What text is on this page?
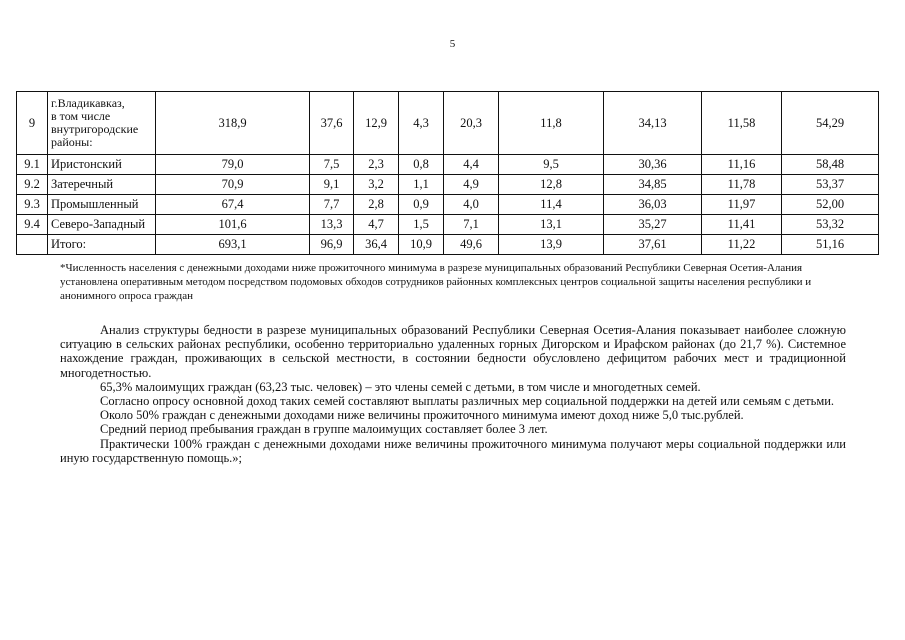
5
9	г.Владикавказ,
в том числе
внутригородские
районы:	318,9	37,6	12,9	4,3	20,3	11,8	34,13	11,58	54,29
9.1	Иристонский	79,0	7,5	2,3	0,8	4,4	9,5	30,36	11,16	58,48
9.2	Затеречный	70,9	9,1	3,2	1,1	4,9	12,8	34,85	11,78	53,37
9.3	Промышленный	67,4	7,7	2,8	0,9	4,0	11,4	36,03	11,97	52,00
9.4	Северо-Западный	101,6	13,3	4,7	1,5	7,1	13,1	35,27	11,41	53,32
	Итого:	693,1	96,9	36,4	10,9	49,6	13,9	37,61	11,22	51,16
*Численность населения с денежными доходами ниже прожиточного минимума в разрезе муниципальных образований Республики Северная Осетия-Алания установлена оперативным методом посредством подомовых обходов сотрудников районных комплексных центров социальной защиты населения республики и анонимного опроса граждан

Анализ структуры бедности в разрезе муниципальных образований Республики Северная Осетия-Алания показывает наиболее сложную ситуацию в сельских районах республики, особенно территориально удаленных горных Дигорском и Ирафском районах (до 21,7 %). Системное нахождение граждан, проживающих в сельской местности, в состоянии бедности обусловлено дефицитом рабочих мест и традиционной многодетностью.

65,3% малоимущих граждан (63,23 тыс. человек) – это члены семей с детьми, в том числе и многодетных семей.

Согласно опросу основной доход таких семей составляют выплаты различных мер социальной поддержки на детей или семьям с детьми.

Около 50% граждан с денежными доходами ниже величины прожиточного минимума имеют доход ниже 5,0 тыс.рублей.

Средний период пребывания граждан в группе малоимущих составляет более 3 лет.

Практически 100% граждан с денежными доходами ниже величины прожиточного минимума получают меры социальной поддержки или иную государственную помощь.»;
